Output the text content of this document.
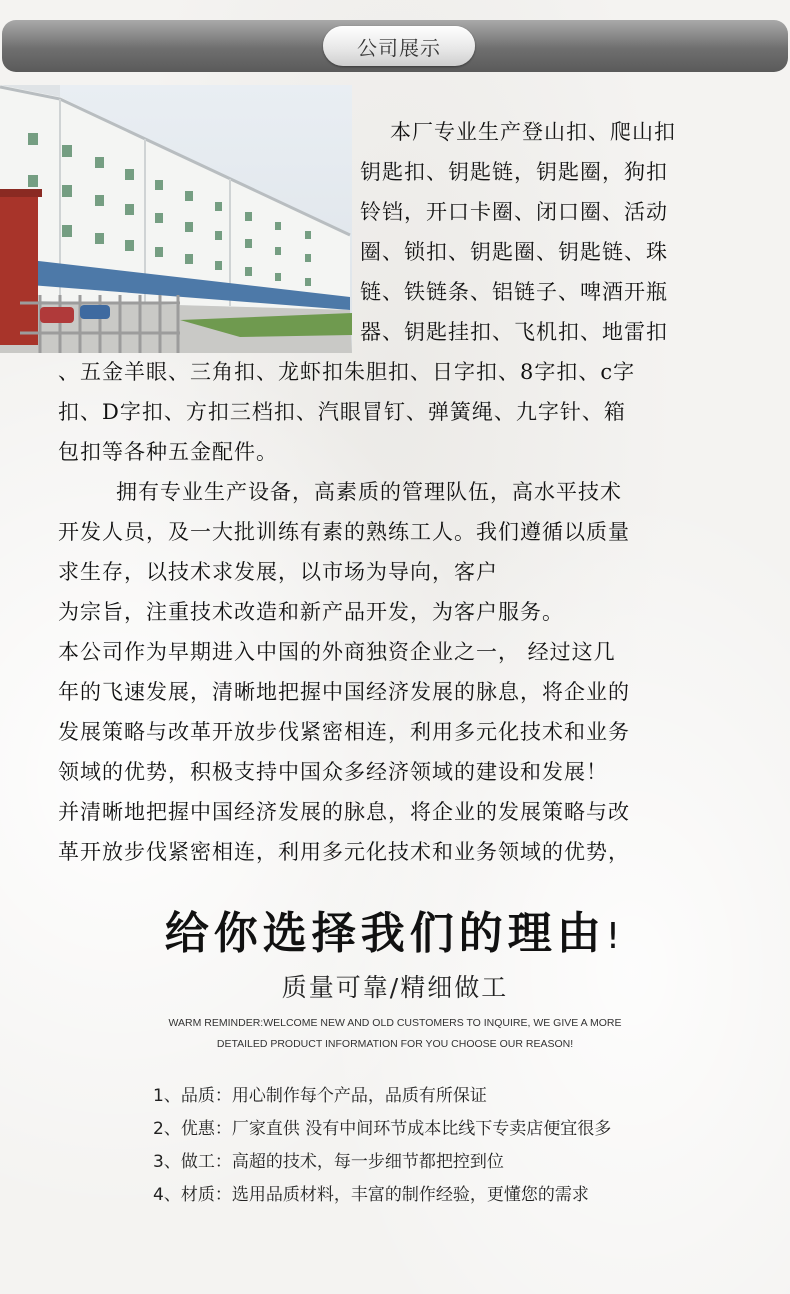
公司展示
本厂专业生产登山扣、爬山扣
钥匙扣、钥匙链，钥匙圈，狗扣
铃铛，开口卡圈、闭口圈、活动
圈、锁扣、钥匙圈、钥匙链、珠
链、铁链条、铝链子、啤酒开瓶
器、钥匙挂扣、飞机扣、地雷扣
、五金羊眼、三角扣、龙虾扣朱胆扣、日字扣、8字扣、c字
扣、D字扣、方扣三档扣、汽眼冒钉、弹簧绳、九字针、箱
包扣等各种五金配件。
拥有专业生产设备，高素质的管理队伍，高水平技术
开发人员，及一大批训练有素的熟练工人。我们遵循以质量
求生存，以技术求发展，以市场为导向，客户
为宗旨，注重技术改造和新产品开发，为客户服务。
本公司作为早期进入中国的外商独资企业之一， 经过这几
年的飞速发展，清晰地把握中国经济发展的脉息，将企业的
发展策略与改革开放步伐紧密相连，利用多元化技术和业务
领域的优势，积极支持中国众多经济领域的建设和发展！
并清晰地把握中国经济发展的脉息，将企业的发展策略与改
革开放步伐紧密相连，利用多元化技术和业务领域的优势，
给你选择我们的理由!
质量可靠/精细做工
WARM REMINDER:WELCOME NEW AND OLD CUSTOMERS TO INQUIRE, WE GIVE A MORE
DETAILED PRODUCT INFORMATION FOR YOU CHOOSE OUR REASON!
1、品质：用心制作每个产品，品质有所保证
2、优惠：厂家直供 没有中间环节成本比线下专卖店便宜很多
3、做工：高超的技术，每一步细节都把控到位
4、材质：选用品质材料，丰富的制作经验，更懂您的需求
